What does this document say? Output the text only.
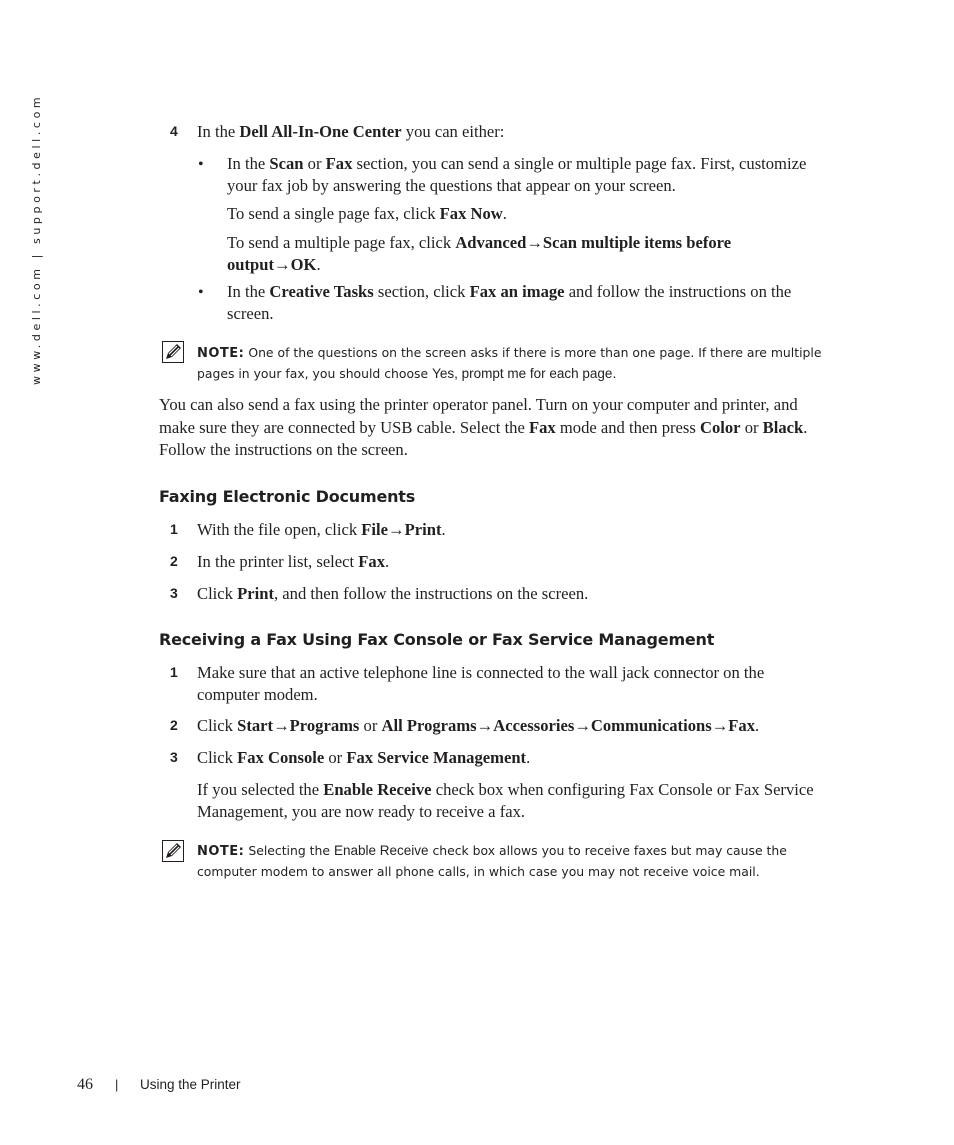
www.dell.com | support.dell.com	4 In the Dell All-In-One Center you can either:
• In the Scan or Fax section, you can send a single or multiple page fax. First, customize
your fax job by answering the questions that appear on your screen.
To send a single page fax, click Fax Now.
To send a multiple page fax, click Advanced→Scan multiple items before
output→OK.
• In the Creative Tasks section, click Fax an image and follow the instructions on the
screen.
NOTE: One of the questions on the screen asks if there is more than one page. If there are multiple
pages in your fax, you should choose Yes, prompt me for each page.
You can also send a fax using the printer operator panel. Turn on your computer and printer, and
make sure they are connected by USB cable. Select the Fax mode and then press Color or Black.
Follow the instructions on the screen.
Faxing Electronic Documents
1 With the file open, click File→Print.
2 In the printer list, select Fax.
3 Click Print, and then follow the instructions on the screen.
Receiving a Fax Using Fax Console or Fax Service Management
1 Make sure that an active telephone line is connected to the wall jack connector on the
computer modem.
2 Click Start→Programs or All Programs→Accessories→Communications→Fax.
3 Click Fax Console or Fax Service Management.
If you selected the Enable Receive check box when configuring Fax Console or Fax Service
Management, you are now ready to receive a fax.
NOTE: Selecting the Enable Receive check box allows you to receive faxes but may cause the
computer modem to answer all phone calls, in which case you may not receive voice mail.
46 | Using the Printer
